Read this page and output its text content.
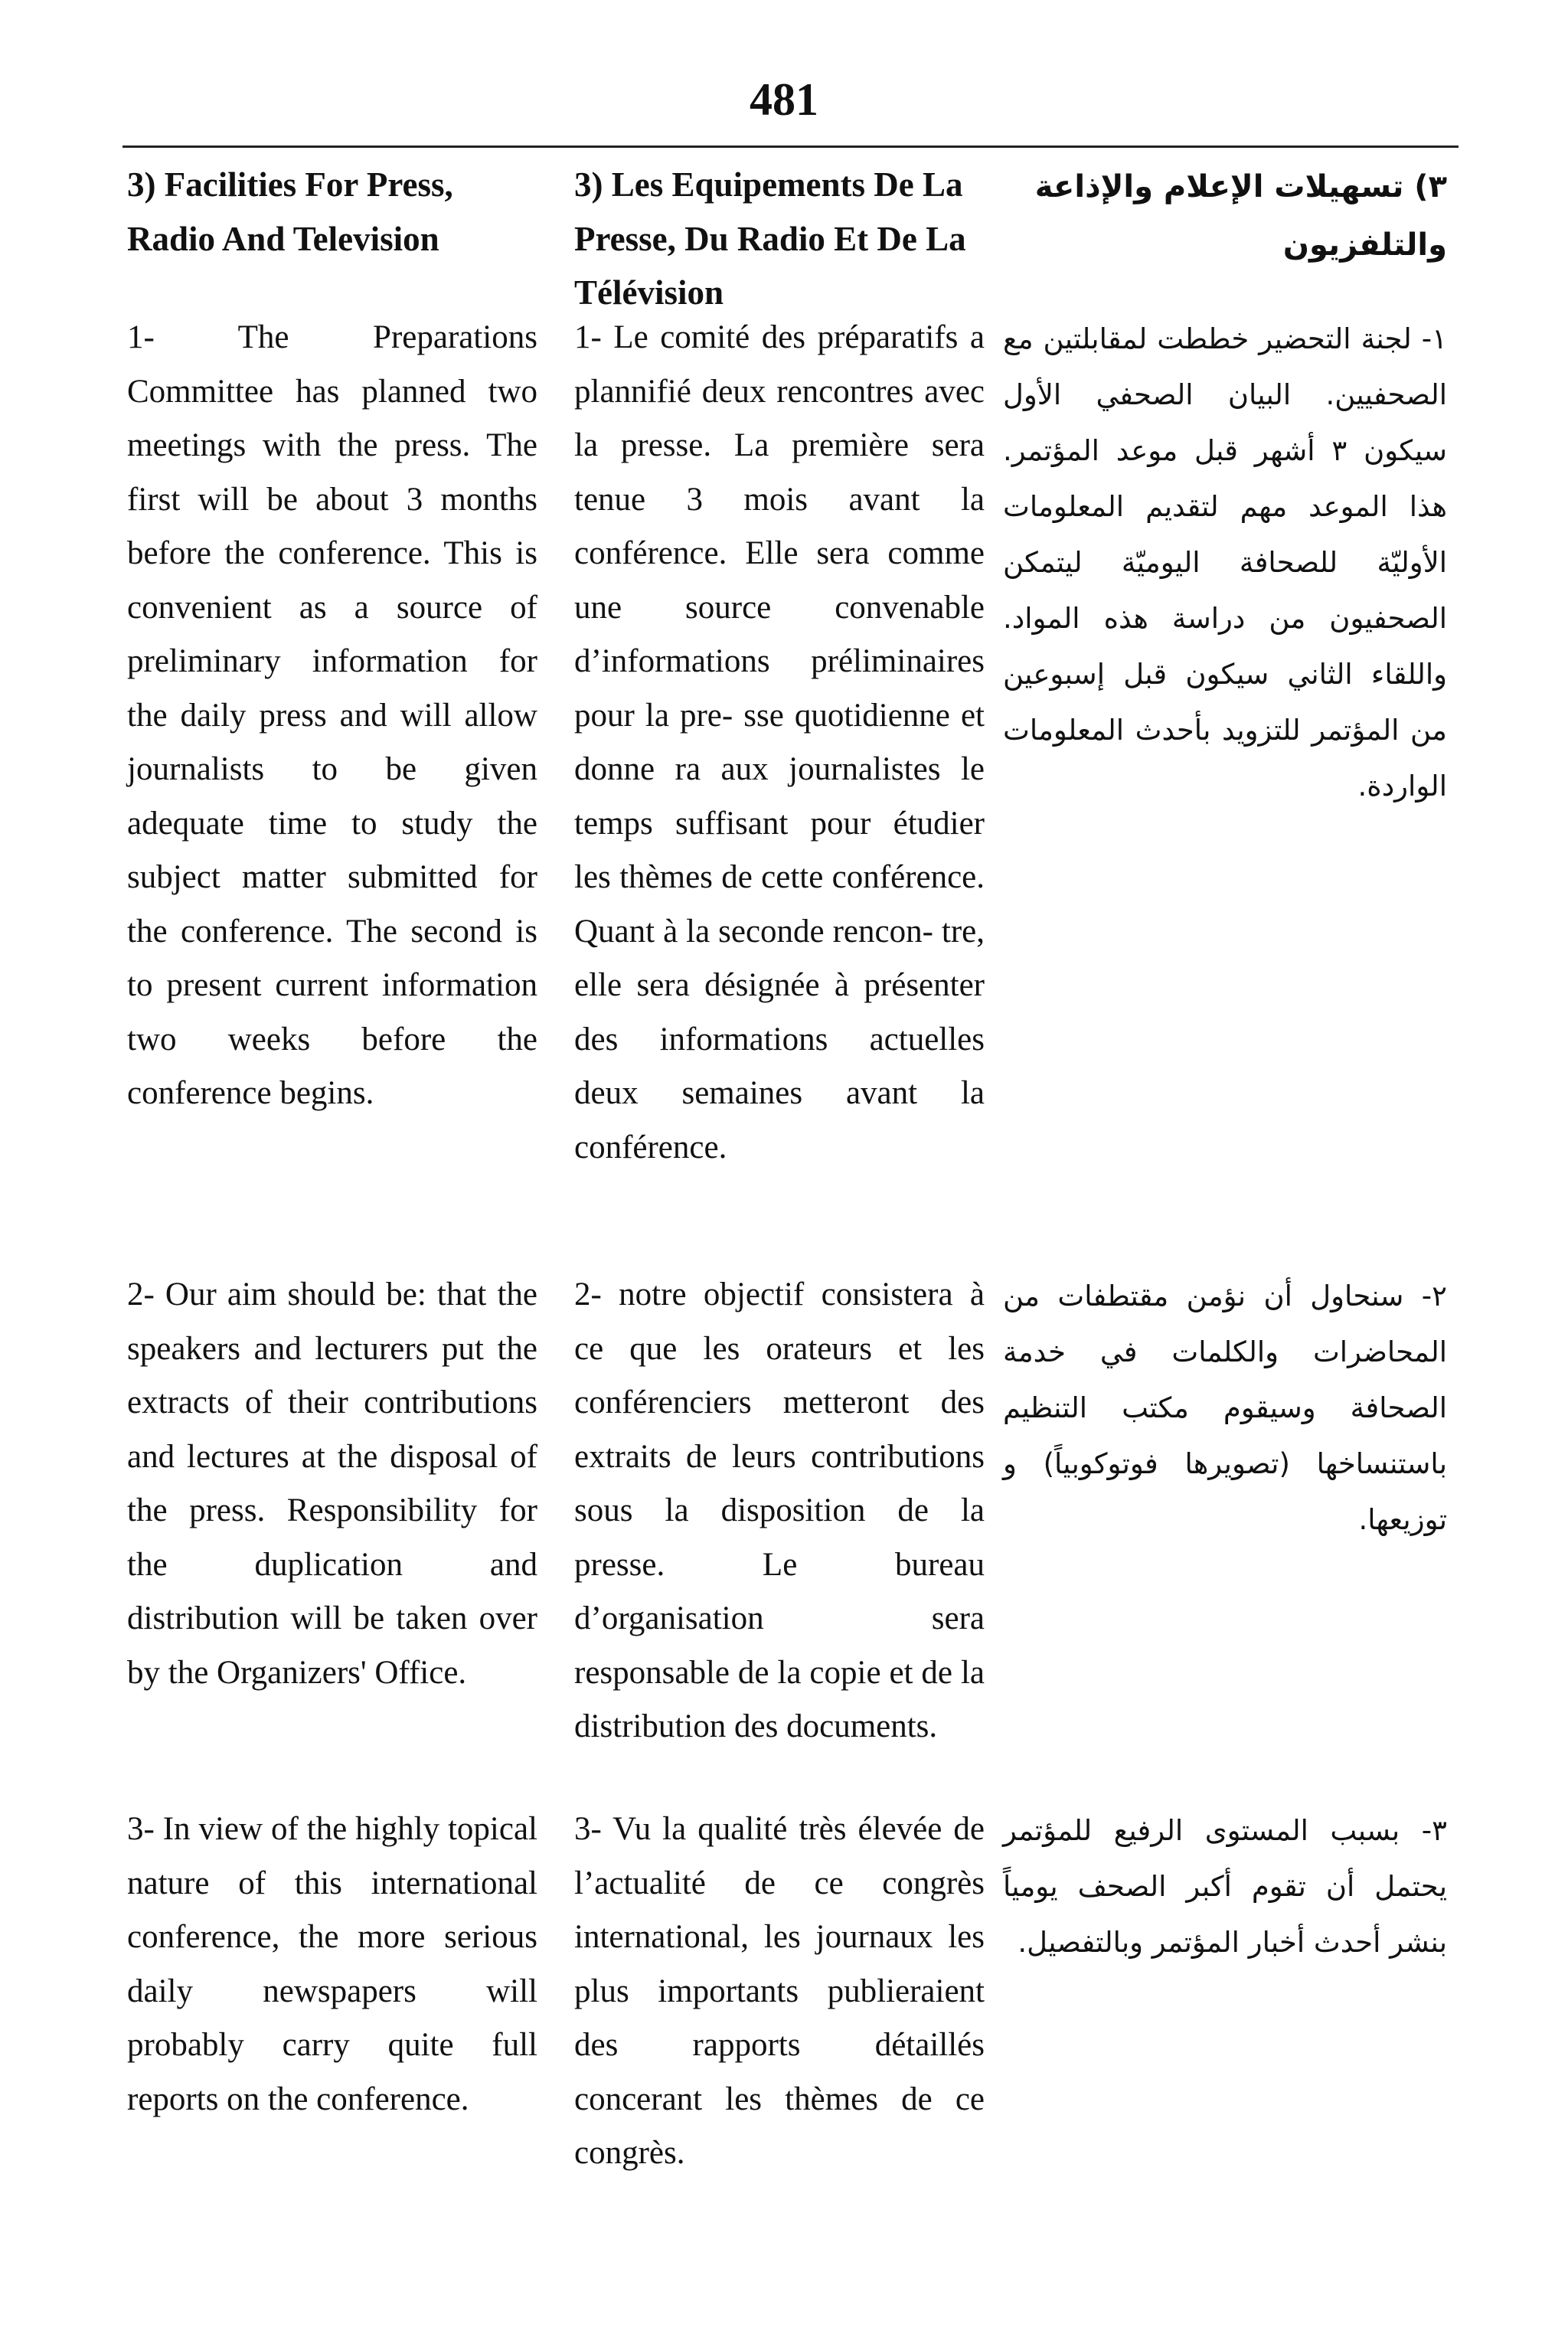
481

3) Facilities For Press, Radio And Television

1- The Preparations Committee has planned two meetings with the press. The first will be about 3 months before the conference. This is convenient as a source of preliminary information for the daily press and will allow journalists to be given adequate time to study the subject matter submitted for the conference. The second is to present current information two weeks before the conference begins.

2- Our aim should be: that the speakers and lecturers put the extracts of their contributions and lectures at the disposal of the press. Responsibility for the duplication and distribution will be taken over by the Organizers' Office.

3- In view of the highly topical nature of this international conference, the more serious daily newspapers will probably carry quite full reports on the conference.

3) Les Equipements De La Presse, Du Radio Et De La Télévision

1- Le comité des préparatifs a plannifié deux rencontres avec la presse. La première sera tenue 3 mois avant la conférence. Elle sera comme une source convenable d’informations préliminaires pour la pre- sse quotidienne et donne ra aux journalistes le temps suffisant pour étudier les thèmes de cette conférence. Quant à la seconde rencon- tre, elle sera désignée à présenter des informations actuelles deux semaines avant la conférence.

2- notre objectif consistera à ce que les orateurs et les conférenciers metteront des extraits de leurs contributions sous la disposition de la presse. Le bureau d’organisation sera responsable de la copie et de la distribution des documents.

3- Vu la qualité très élevée de l’actualité de ce congrès international, les journaux les plus importants publieraient des rapports détaillés concerant les thèmes de ce congrès.

٣) تسهيلات الإعلام والإذاعة والتلفزيون

١- لجنة التحضير خططت لمقابلتين مع الصحفيين. البيان الصحفي الأول سيكون ٣ أشهر قبل موعد المؤتمر. هذا الموعد مهم لتقديم المعلومات الأوليّة للصحافة اليوميّة ليتمكن الصحفيون من دراسة هذه المواد. واللقاء الثاني سيكون قبل إسبوعين من المؤتمر للتزويد بأحدث المعلومات الواردة.

٢- سنحاول أن نؤمن مقتطفات من المحاضرات والكلمات في خدمة الصحافة وسيقوم مكتب التنظيم باستنساخها (تصويرها فوتوكوبياً) و توزيعها.

٣- بسبب المستوى الرفيع للمؤتمر يحتمل أن تقوم أكبر الصحف يومياً بنشر أحدث أخبار المؤتمر وبالتفصيل.
